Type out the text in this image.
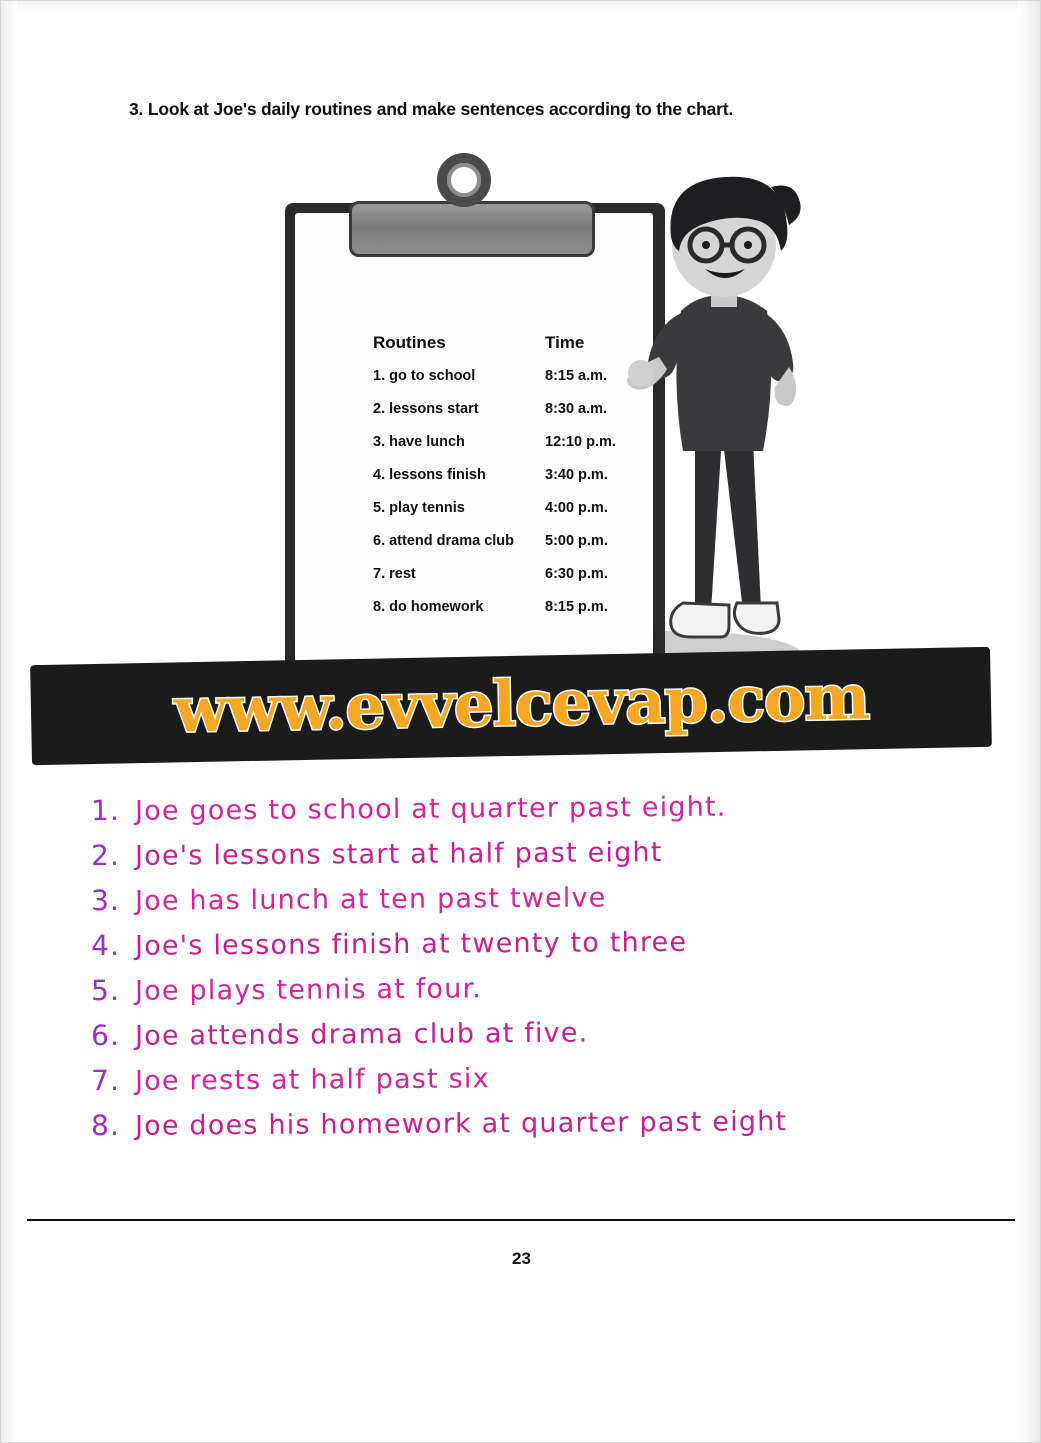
3. Look at Joe's daily routines and make sentences according to the chart.
Routines	Time
1. go to school	8:15 a.m.
2. lessons start	8:30 a.m.
3. have lunch	12:10 p.m.
4. lessons finish	3:40 p.m.
5. play tennis	4:00 p.m.
6. attend drama club	5:00 p.m.
7. rest	6:30 p.m.
8. do homework	8:15 p.m.
www.evvelcevap.com
1. Joe goes to school at quarter past eight.
2. Joe's lessons start at half past eight
3. Joe has lunch at ten past twelve
4. Joe's lessons finish at twenty to three
5. Joe plays tennis at four.
6. Joe attends drama club at five.
7. Joe rests at half past six
8. Joe does his homework at quarter past eight
23
